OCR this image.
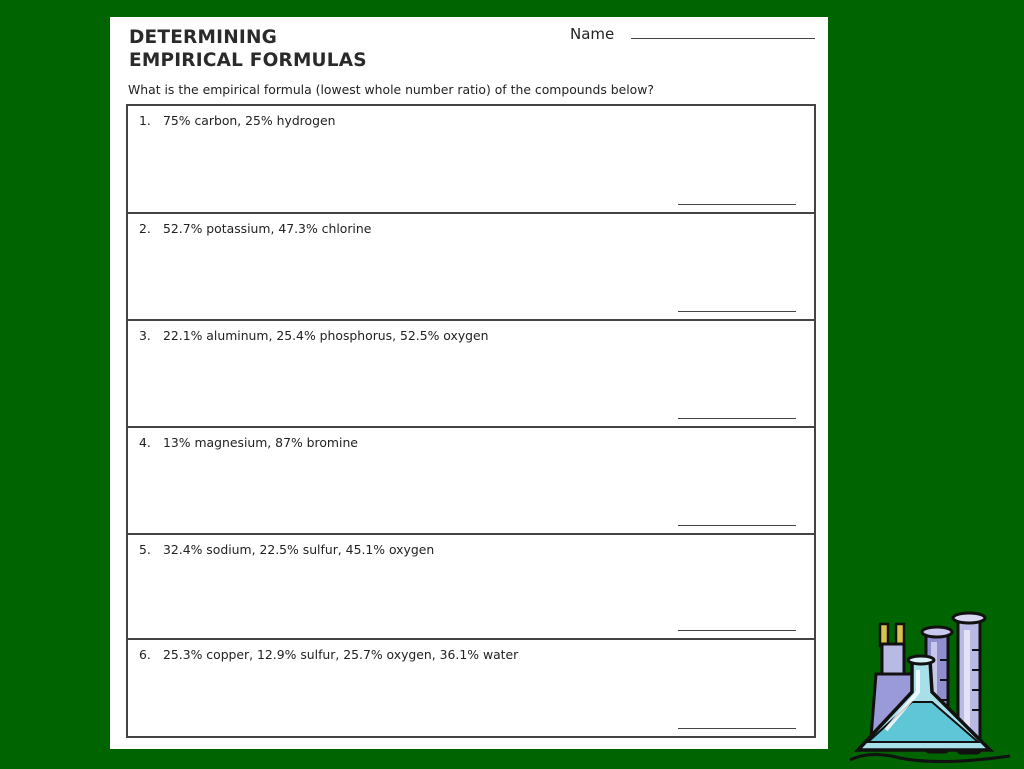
DETERMINING
EMPIRICAL FORMULAS
Name
What is the empirical formula (lowest whole number ratio) of the compounds below?
1. 75% carbon, 25% hydrogen
2. 52.7% potassium, 47.3% chlorine
3. 22.1% aluminum, 25.4% phosphorus, 52.5% oxygen
4. 13% magnesium, 87% bromine
5. 32.4% sodium, 22.5% sulfur, 45.1% oxygen
6. 25.3% copper, 12.9% sulfur, 25.7% oxygen, 36.1% water
